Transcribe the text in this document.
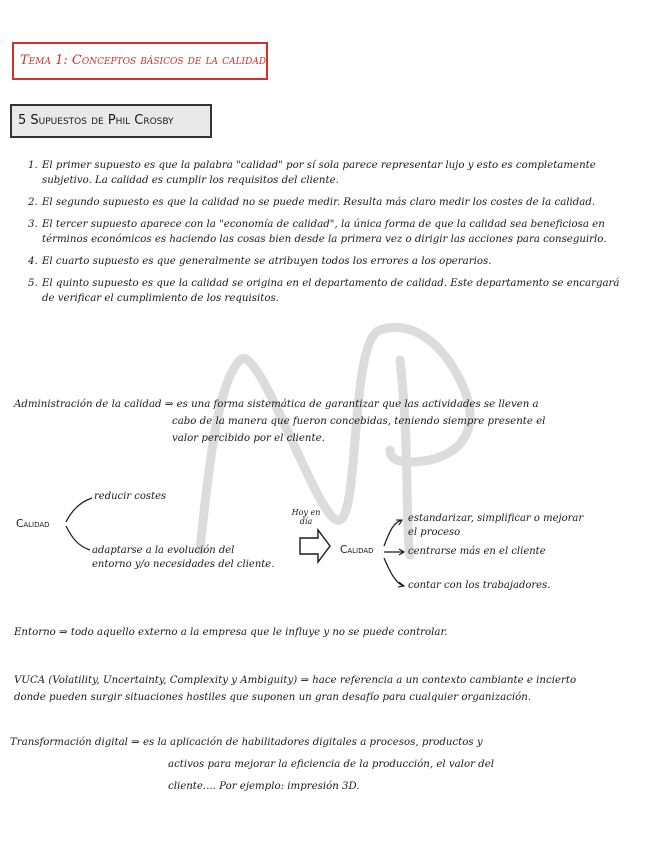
Tema 1: Conceptos básicos de la calidad
5 Supuestos de Phil Crosby
1. El primer supuesto es que la palabra "calidad" por sí sola parece representar lujo y esto es completamente subjetivo. La calidad es cumplir los requisitos del cliente.
2. El segundo supuesto es que la calidad no se puede medir. Resulta más claro medir los costes de la calidad.
3. El tercer supuesto aparece con la "economía de calidad", la única forma de que la calidad sea beneficiosa en términos económicos es haciendo las cosas bien desde la primera vez o dirigir las acciones para conseguirlo.
4. El cuarto supuesto es que generalmente se atribuyen todos los errores a los operarios.
5. El quinto supuesto es que la calidad se origina en el departamento de calidad. Este departamento se encargará de verificar el cumplimiento de los requisitos.
Administración de la calidad ⇒ es una forma sistemática de garantizar que las actividades se lleven a
cabo de la manera que fueron concebidas, teniendo siempre presente el
valor percibido por el cliente.
Calidad
reducir costes
adaptarse a la evolución del
entorno y/o necesidades del cliente.
Hoy en
día
Calidad
estandarizar, simplificar o mejorar
el proceso
centrarse más en el cliente
contar con los trabajadores.
Entorno ⇒ todo aquello externo a la empresa que le influye y no se puede controlar.
VUCA (Volatility, Uncertainty, Complexity y Ambiguity) ⇒ hace referencia a un contexto cambiante e incierto
donde pueden surgir situaciones hostiles que suponen un gran desafío para cualquier organización.
Transformación digital ⇒ es la aplicación de habilitadores digitales a procesos, productos y
activos para mejorar la eficiencia de la producción, el valor del
cliente.... Por ejemplo: impresión 3D.
